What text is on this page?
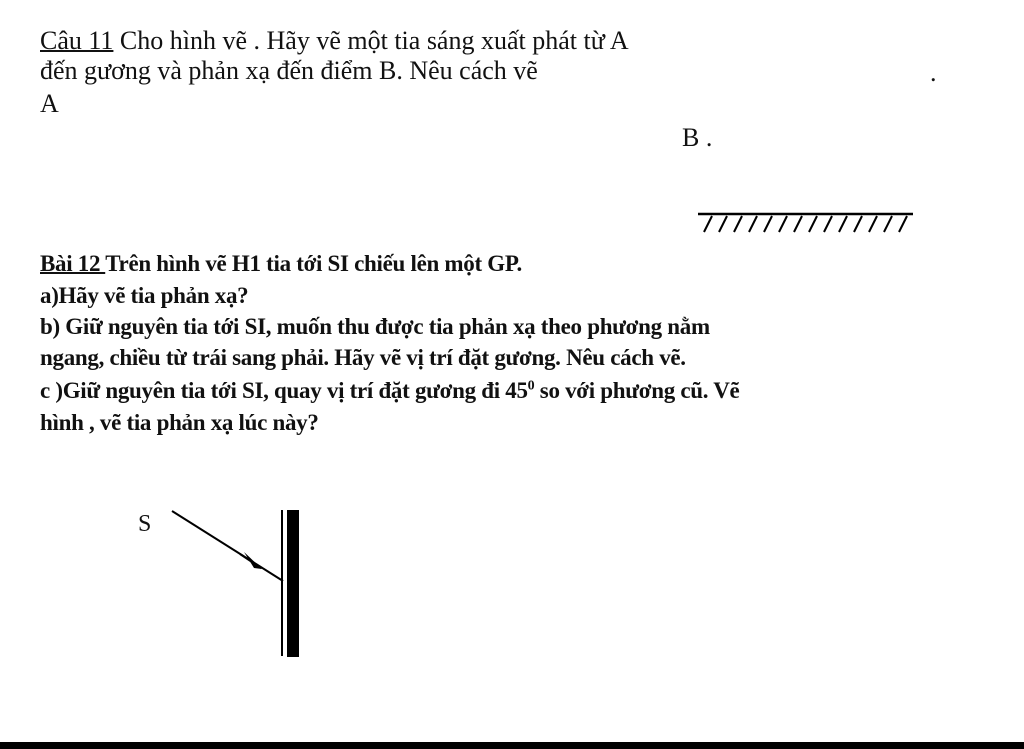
Câu 11 Cho hình vẽ . Hãy vẽ một tia sáng xuất phát từ A
đến gương và phản xạ đến điểm B. Nêu cách vẽ	.
A
B .
Bài 12 Trên hình vẽ H1 tia tới SI chiếu lên một GP.
a)Hãy vẽ tia phản xạ?
b) Giữ nguyên tia tới SI, muốn thu được tia phản xạ theo phương nằm
ngang, chiều từ trái sang phải. Hãy vẽ vị trí đặt gương. Nêu cách vẽ.
c )Giữ nguyên tia tới SI, quay vị trí đặt gương đi $45^0$ so với phương cũ. Vẽ
hình , vẽ tia phản xạ lúc này?
S
